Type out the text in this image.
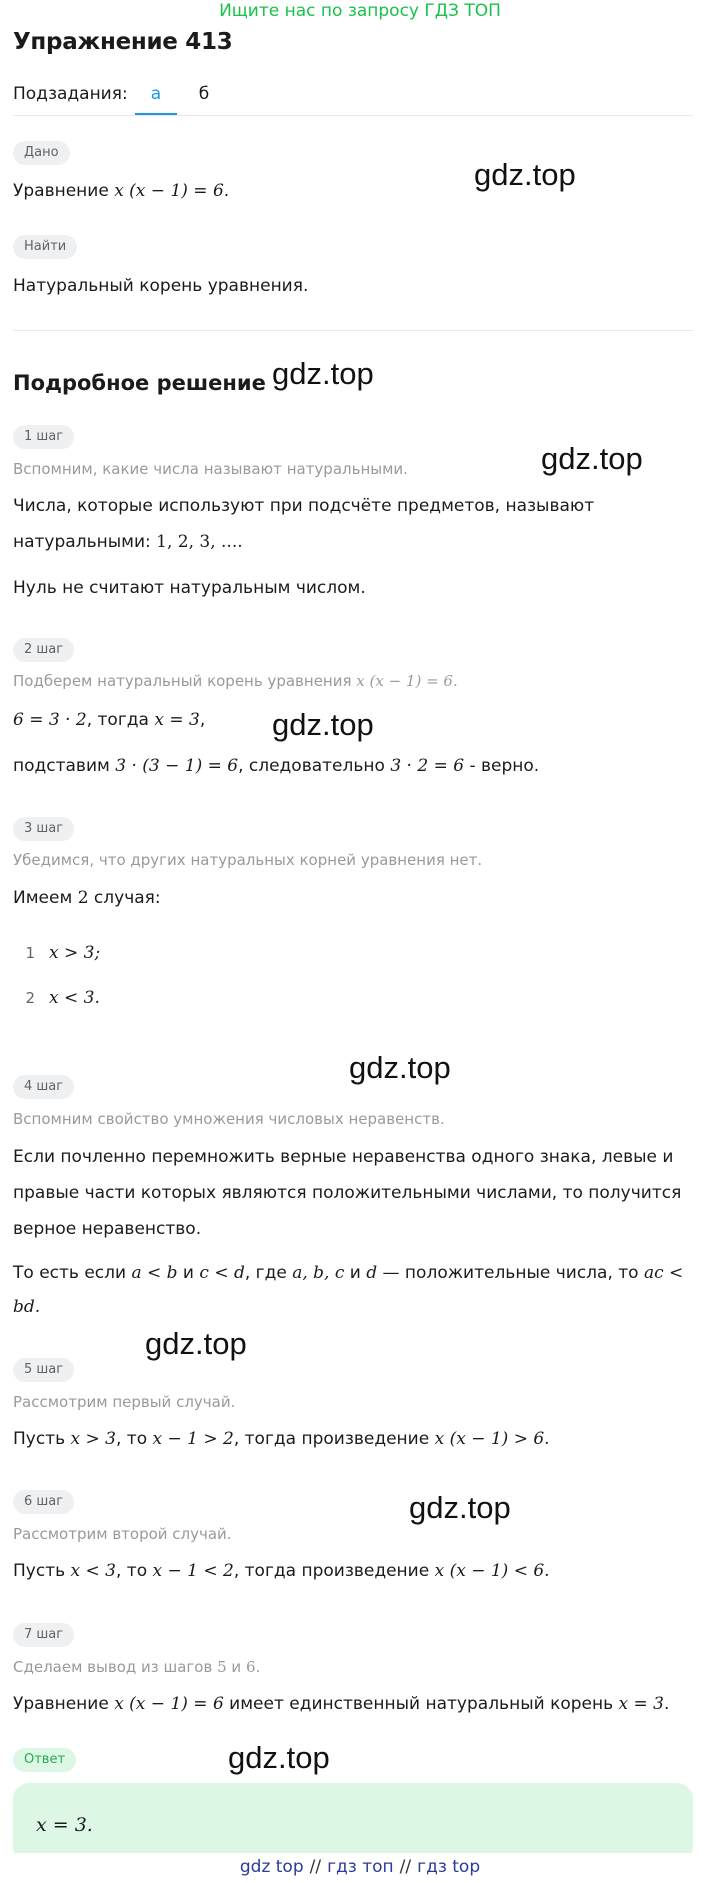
Ищите нас по запросу ГДЗ ТОП
Упражнение 413
Подзадания:	а	б
Дано
Уравнение x (x − 1) = 6.
Найти
Натуральный корень уравнения.
Подробное решение
1 шаг
Вспомним, какие числа называют натуральными.
Числа, которые используют при подсчёте предметов, называют
натуральными: 1, 2, 3, ....
Нуль не считают натуральным числом.
2 шаг
Подберем натуральный корень уравнения x (x − 1) = 6.
6 = 3 · 2, тогда x = 3,
подставим 3 · (3 − 1) = 6, следовательно 3 · 2 = 6 - верно.
3 шаг
Убедимся, что других натуральных корней уравнения нет.
Имеем 2 случая:
1 x > 3;
2 x < 3.
4 шаг
Вспомним свойство умножения числовых неравенств.
Если почленно перемножить верные неравенства одного знака, левые и
правые части которых являются положительными числами, то получится
верное неравенство.
То есть если a < b и c < d, где a, b, c и d — положительные числа, то ac <
bd.
5 шаг
Рассмотрим первый случай.
Пусть x > 3, то x − 1 > 2, тогда произведение x (x − 1) > 6.
6 шаг
Рассмотрим второй случай.
Пусть x < 3, то x − 1 < 2, тогда произведение x (x − 1) < 6.
7 шаг
Сделаем вывод из шагов 5 и 6.
Уравнение x (x − 1) = 6 имеет единственный натуральный корень x = 3.
Ответ
x = 3.
gdz.top
gdz.top
gdz.top
gdz.top
gdz.top
gdz.top
gdz.top
gdz.top
gdz top // гдз топ // гдз top
